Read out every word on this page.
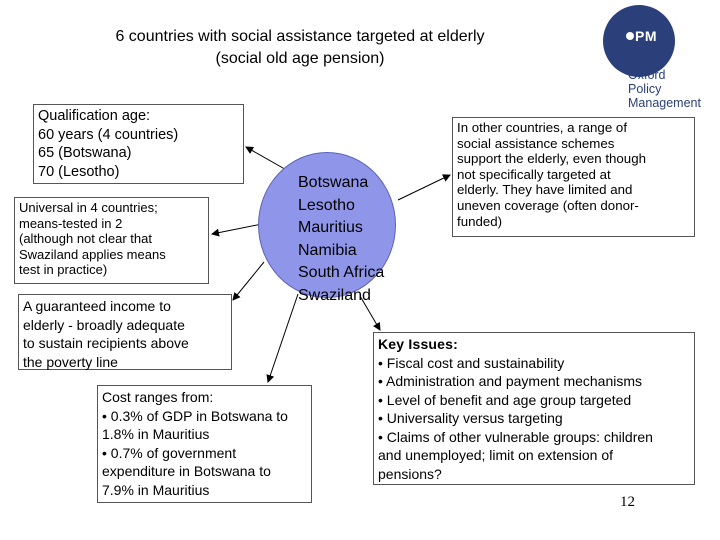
6 countries with social assistance targeted at elderly
(social old age pension)
PM
Oxford
Policy
Management
Qualification age:
60 years (4 countries)
65 (Botswana)
70 (Lesotho)
Universal in 4 countries;
means-tested in 2
(although not clear that
Swaziland applies means
test in practice)
A guaranteed income to
elderly - broadly adequate
to sustain recipients above
the poverty line
Cost ranges from:
• 0.3% of GDP in Botswana to
1.8% in Mauritius
• 0.7% of government
expenditure in Botswana to
7.9% in Mauritius
In other countries, a range of
social assistance schemes
support the elderly, even though
not specifically targeted at
elderly. They have limited and
uneven coverage (often donor-
funded)
Key Issues:
• Fiscal cost and sustainability
• Administration and payment mechanisms
• Level of benefit and age group targeted
• Universality versus targeting
• Claims of other vulnerable groups: children
and unemployed; limit on extension of
pensions?
Botswana
Lesotho
Mauritius
Namibia
South Africa
Swaziland
12
